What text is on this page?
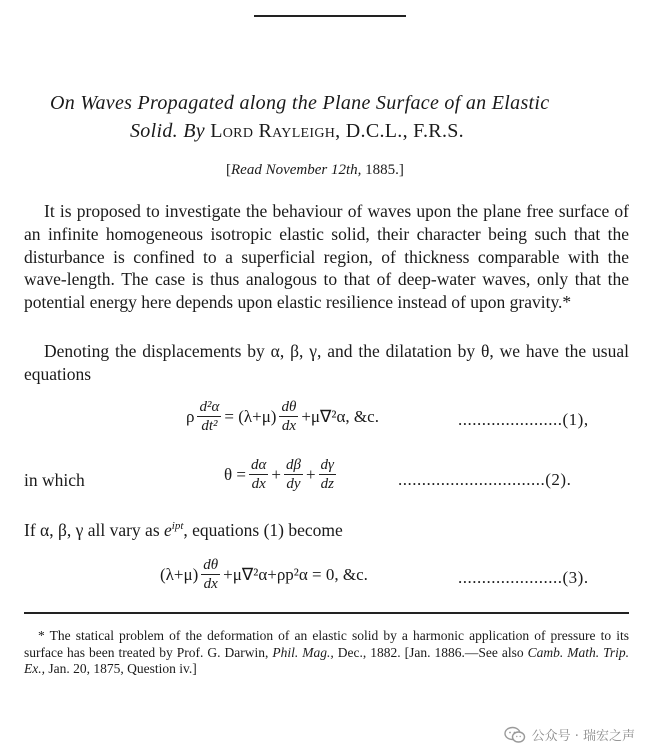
On Waves Propagated along the Plane Surface of an Elastic
Solid. By Lord Rayleigh, D.C.L., F.R.S.
[Read November 12th, 1885.]
It is proposed to investigate the behaviour of waves upon the plane free surface of an infinite homogeneous isotropic elastic solid, their character being such that the disturbance is confined to a superficial region, of thickness comparable with the wave-length. The case is thus analogous to that of deep-water waves, only that the potential energy here depends upon elastic resilience instead of upon gravity.*
Denoting the displacements by α, β, γ, and the dilatation by θ, we have the usual equations
ρ $\frac{\text{d²α}}{\text{dt²}} = (\lambda+\mu) \frac{d\theta}{dx} +\mu\nabla^2\alpha$, &c.	......................(1),
in which	$\theta = \frac{d\alpha}{dx} + \frac{d\beta}{dy} + \frac{d\gamma}{dz}$	...............................(2).
If α, β, γ all vary as $e^{ipt}$, equations (1) become
$(\lambda+\mu) \frac{d\theta}{dx} +\mu\nabla^2\alpha+\rho p^2\alpha = 0$, &c.	......................(3).
* The statical problem of the deformation of an elastic solid by a harmonic application of pressure to its surface has been treated by Prof. G. Darwin, Phil. Mag., Dec., 1882. [Jan. 1886.—See also Camb. Math. Trip. Ex., Jan. 20, 1875, Question iv.]
公众号 · 瑞宏之声
